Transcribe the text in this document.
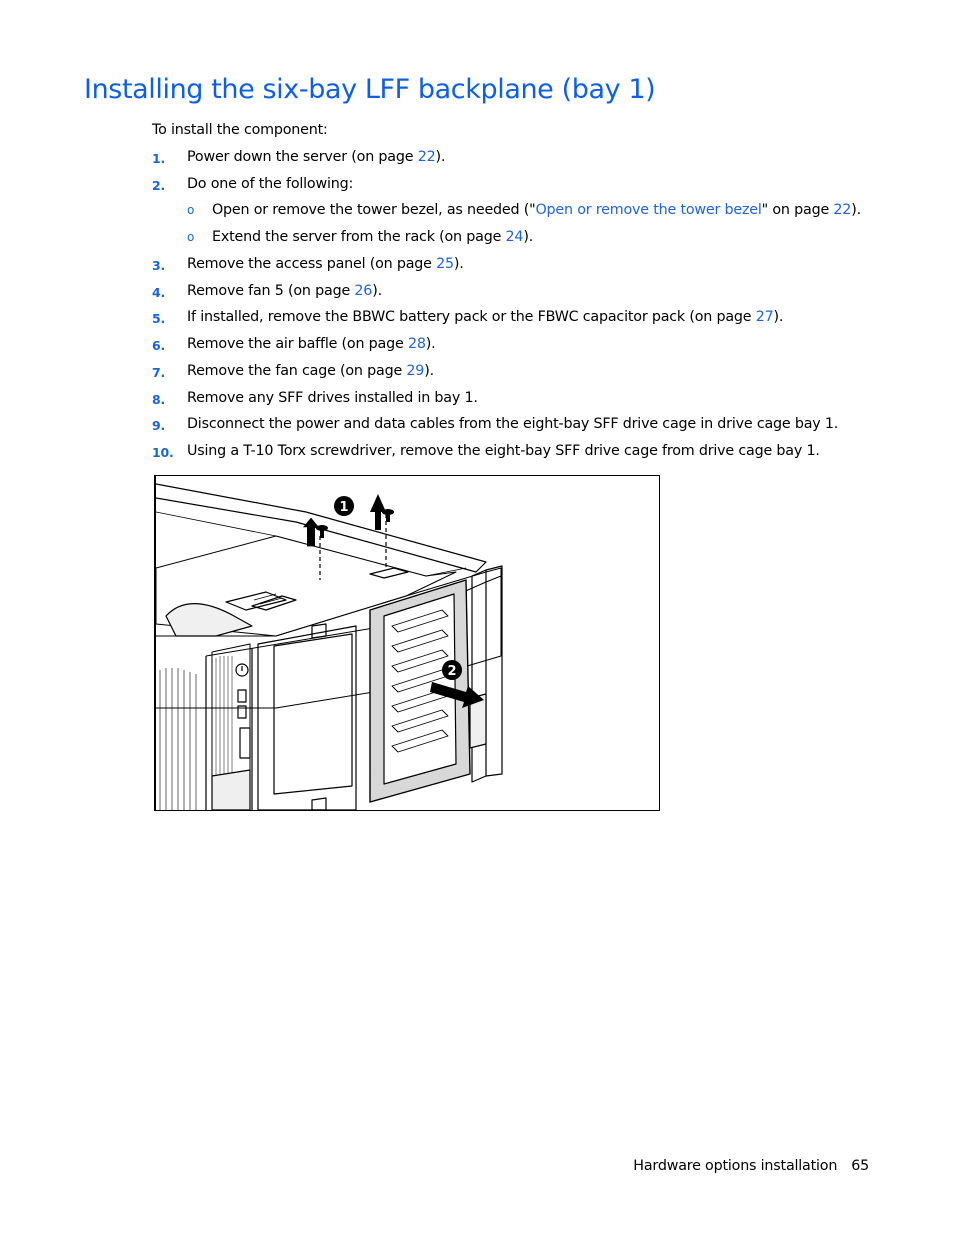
Installing the six-bay LFF backplane (bay 1)
To install the component:
1. Power down the server (on page 22).
2. Do one of the following:
o Open or remove the tower bezel, as needed ("Open or remove the tower bezel" on page 22).
o Extend the server from the rack (on page 24).
3. Remove the access panel (on page 25).
4. Remove fan 5 (on page 26).
5. If installed, remove the BBWC battery pack or the FBWC capacitor pack (on page 27).
6. Remove the air baffle (on page 28).
7. Remove the fan cage (on page 29).
8. Remove any SFF drives installed in bay 1.
9. Disconnect the power and data cables from the eight-bay SFF drive cage in drive cage bay 1.
10. Using a T-10 Torx screwdriver, remove the eight-bay SFF drive cage from drive cage bay 1.
1
2
Hardware options installation 65
